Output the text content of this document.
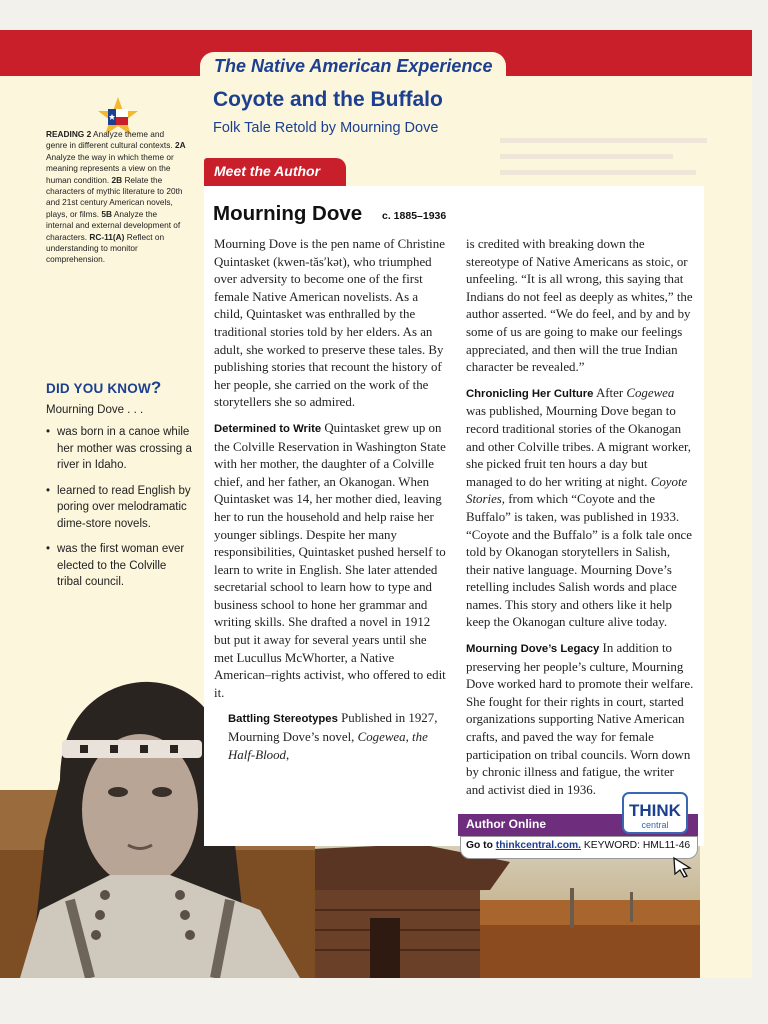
The Native American Experience
Coyote and the Buffalo
Folk Tale Retold by Mourning Dove
READING 2 Analyze theme and genre in different cultural contexts. 2A Analyze the way in which theme or meaning represents a view on the human condition. 2B Relate the characters of mythic literature to 20th and 21st century American novels, plays, or films. 5B Analyze the internal and external development of characters. RC-11(A) Reflect on understanding to monitor comprehension.
DID YOU KNOW?
Mourning Dove . . .
• was born in a canoe while her mother was crossing a river in Idaho.
• learned to read English by poring over melodramatic dime-store novels.
• was the first woman ever elected to the Colville tribal council.
Meet the Author
Mourning Dove c. 1885–1936

Mourning Dove is the pen name of Christine Quintasket (kwen-tăs′kət), who triumphed over adversity to become one of the first female Native American novelists. As a child, Quintasket was enthralled by the traditional stories told by her elders. As an adult, she worked to preserve these tales. By publishing stories that recount the history of her people, she carried on the work of the storytellers she so admired.

Determined to Write Quintasket grew up on the Colville Reservation in Washington State with her mother, the daughter of a Colville chief, and her father, an Okanogan. When Quintasket was 14, her mother died, leaving her to run the household and help raise her younger siblings. Despite her many responsibilities, Quintasket pushed herself to learn to write in English. She later attended secretarial school to learn how to type and business school to hone her grammar and writing skills. She drafted a novel in 1912 but put it away for several years until she met Lucullus McWhorter, a Native American–rights activist, who offered to edit it.

Battling Stereotypes Published in 1927, Mourning Dove’s novel, Cogewea, the Half-Blood,

is credited with breaking down the stereotype of Native Americans as stoic, or unfeeling. “It is all wrong, this saying that Indians do not feel as deeply as whites,” the author asserted. “We do feel, and by and by some of us are going to make our feelings appreciated, and then will the true Indian character be revealed.”

Chronicling Her Culture After Cogewea was published, Mourning Dove began to record traditional stories of the Okanogan and other Colville tribes. A migrant worker, she picked fruit ten hours a day but managed to do her writing at night. Coyote Stories, from which “Coyote and the Buffalo” is taken, was published in 1933. “Coyote and the Buffalo” is a folk tale once told by Okanogan storytellers in Salish, their native language. Mourning Dove’s retelling includes Salish words and place names. This story and others like it help keep the Okanogan culture alive today.

Mourning Dove’s Legacy In addition to preserving her people’s culture, Mourning Dove worked hard to promote their welfare. She fought for their rights in court, started organizations supporting Native American crafts, and paved the way for female participation on tribal councils. Worn down by chronic illness and fatigue, the writer and activist died in 1936.

Author Online
Go to thinkcentral.com. KEYWORD: HML11-46
THINK
central
